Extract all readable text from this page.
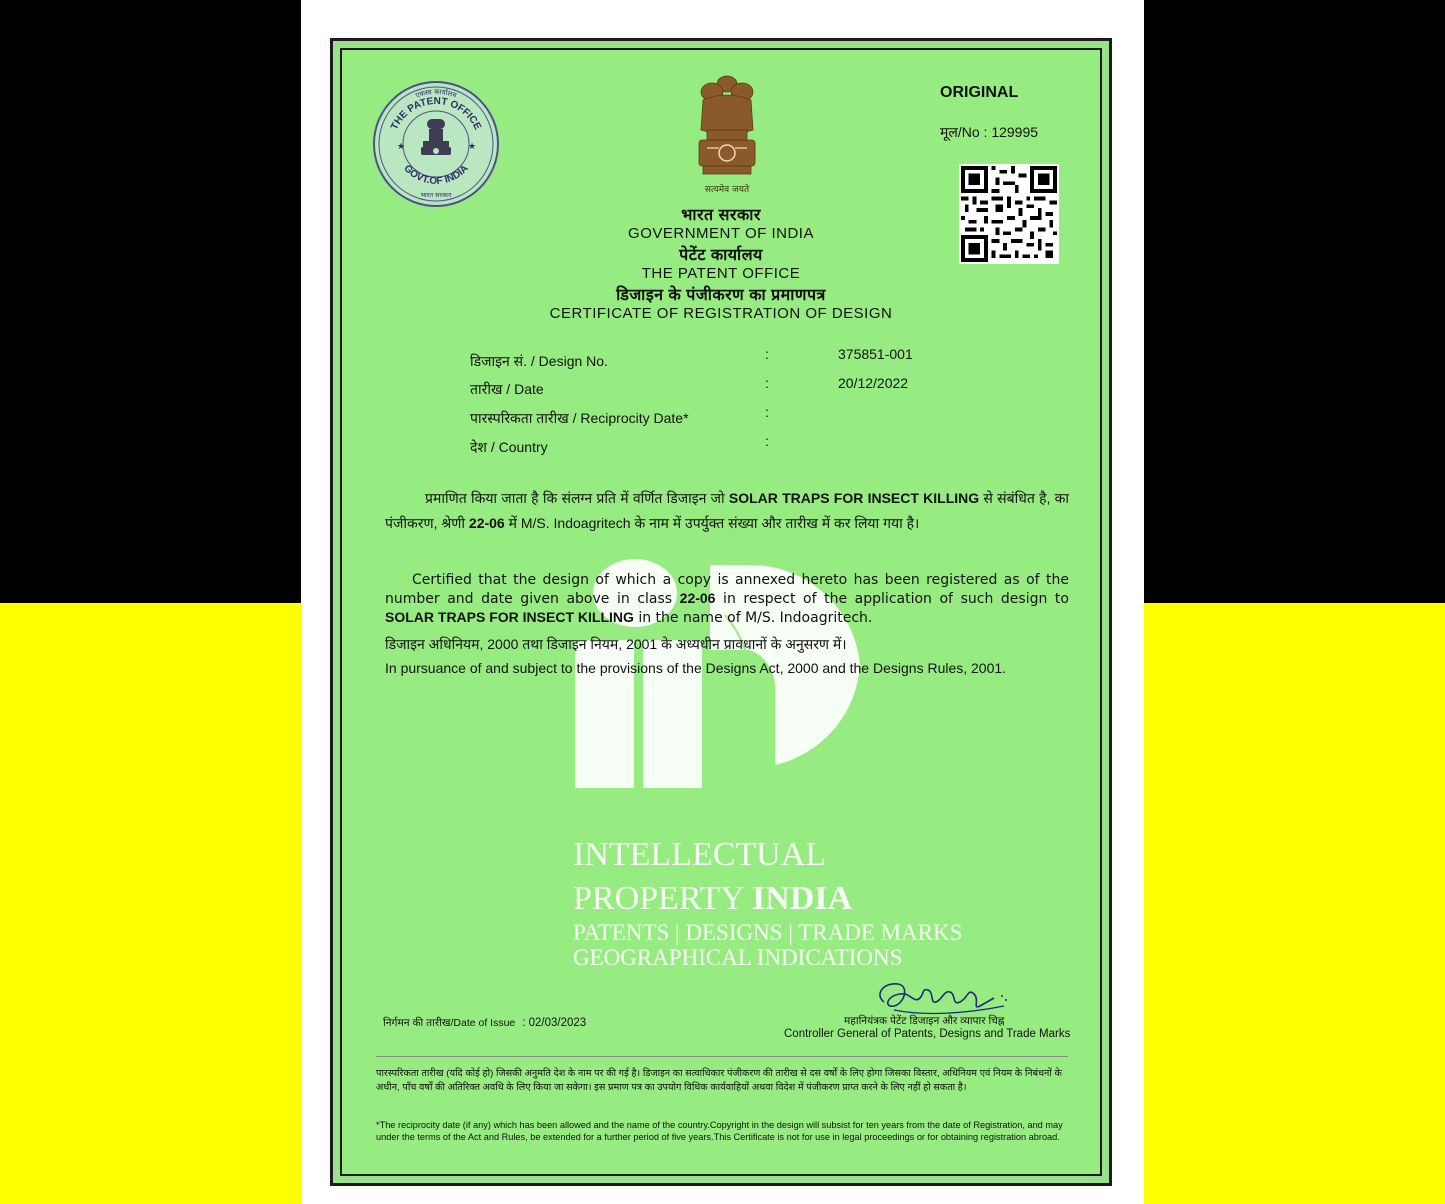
INTELLECTUAL
PROPERTY INDIA
PATENTS | DESIGNS | TRADE MARKS
GEOGRAPHICAL INDICATIONS
एकस्व कार्यालय
THE PATENT OFFICE
GOVT.OF INDIA
भारत सरकार
★	★
सत्यमेव जयते
ORIGINAL
मूल/No : 129995
भारत सरकार
GOVERNMENT OF INDIA
पेटेंट कार्यालय
THE PATENT OFFICE
डिजाइन के पंजीकरण का प्रमाणपत्र
CERTIFICATE OF REGISTRATION OF DESIGN
डिजाइन सं. / Design No.	:	375851-001
तारीख / Date	:	20/12/2022
पारस्परिकता तारीख / Reciprocity Date*	:
देश / Country	:
प्रमाणित किया जाता है कि संलग्न प्रति में वर्णित डिजाइन जो SOLAR TRAPS FOR INSECT KILLING से संबंधित है, का पंजीकरण, श्रेणी 22-06 में M/S. Indoagritech के नाम में उपर्युक्त संख्या और तारीख में कर लिया गया है।
Certified that the design of which a copy is annexed hereto has been registered as of the number and date given above in class 22-06 in respect of the application of such design to SOLAR TRAPS FOR INSECT KILLING in the name of M/S. Indoagritech.
डिजाइन अधिनियम, 2000 तथा डिजाइन नियम, 2001 के अध्यधीन प्रावधानों के अनुसरण में।
In pursuance of and subject to the provisions of the Designs Act, 2000 and the Designs Rules, 2001.
निर्गमन की तारीख/Date of Issue : 02/03/2023	महानियंत्रक पेटेंट डिजाइन और व्यापार चिह्न
Controller General of Patents, Designs and Trade Marks
पारस्परिकता तारीख (यदि कोई हो) जिसकी अनुमति देश के नाम पर की गई है। डिजाइन का सत्वाधिकार पंजीकरण की तारीख से दस वर्षों के लिए होगा जिसका विस्तार, अधिनियम एवं नियम के निबंधनों के अधीन, पाँच वर्षों की अतिरिक्त अवधि के लिए किया जा सकेगा। इस प्रमाण पत्र का उपयोग विधिक कार्यवाहियों अथवा विदेश में पंजीकरण प्राप्त करने के लिए नहीं हो सकता है।
*The reciprocity date (if any) which has been allowed and the name of the country.Copyright in the design will subsist for ten years from the date of Registration, and may under the terms of the Act and Rules, be extended for a further period of five years.This Certificate is not for use in legal proceedings or for obtaining registration abroad.
